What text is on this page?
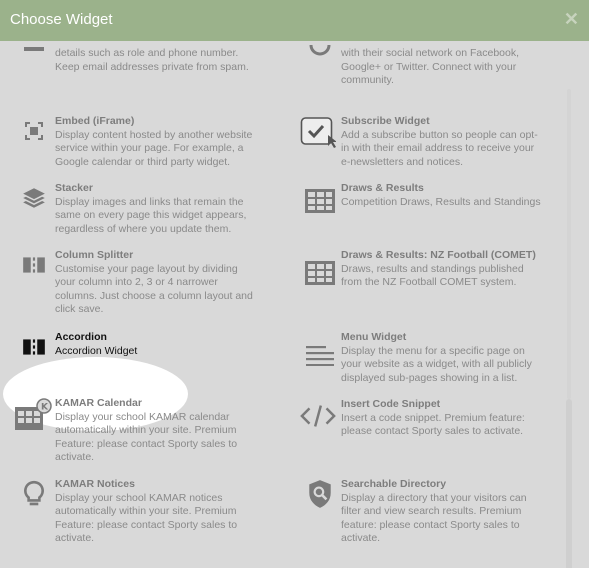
Choose Widget	✕
details such as role and phone number. Keep email addresses private from spam.
Embed (iFrame)
Display content hosted by another website service within your page. For example, a Google calendar or third party widget.
Stacker
Display images and links that remain the same on every page this widget appears, regardless of where you update them.
Column Splitter
Customise your page layout by dividing your column into 2, 3 or 4 narrower columns. Just choose a column layout and click save.
Accordion
Accordion Widget
K KAMAR Calendar
Display your school KAMAR calendar automatically within your site. Premium Feature: please contact Sporty sales to activate.
KAMAR Notices
Display your school KAMAR notices automatically within your site. Premium Feature: please contact Sporty sales to activate.
with their social network on Facebook, Google+ or Twitter. Connect with your community.
Subscribe Widget
Add a subscribe button so people can opt-in with their email address to receive your e-newsletters and notices.
Draws & Results
Competition Draws, Results and Standings
Draws & Results: NZ Football (COMET)
Draws, results and standings published from the NZ Football COMET system.
Menu Widget
Display the menu for a specific page on your website as a widget, with all publicly displayed sub-pages showing in a list.
Insert Code Snippet
Insert a code snippet. Premium feature: please contact Sporty sales to activate.
Searchable Directory
Display a directory that your visitors can filter and view search results. Premium feature: please contact Sporty sales to activate.
